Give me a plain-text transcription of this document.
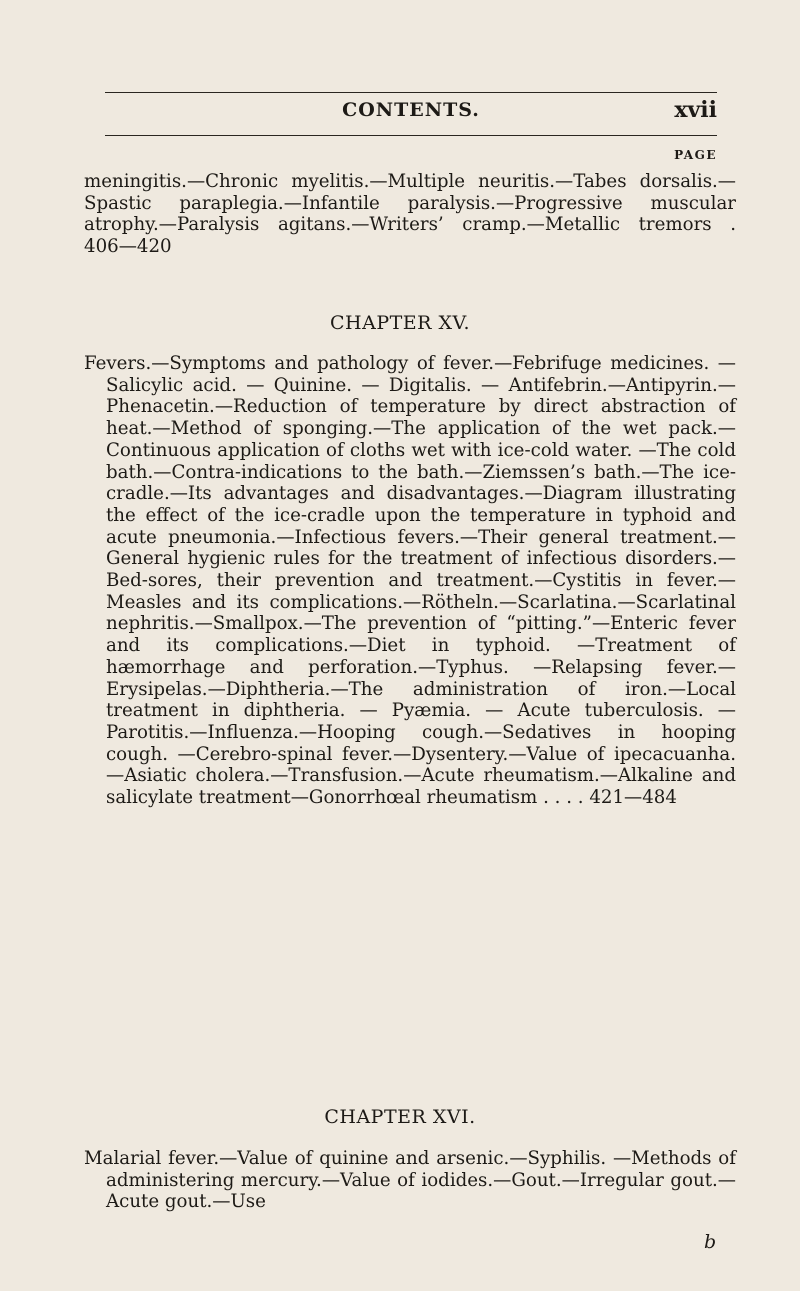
CONTENTS.	xvii
PAGE

meningitis.—Chronic myelitis.—Multiple neuritis.—Tabes dorsalis.—Spastic paraplegia.—Infantile paralysis.—Progressive muscular atrophy.—Paralysis agitans.—Writers’ cramp.—Metallic tremors . 406—420

CHAPTER XV.

Fevers.—Symptoms and pathology of fever.—Febrifuge medicines. — Salicylic acid. — Quinine. — Digitalis. — Antifebrin.—Antipyrin.—Phenacetin.—Reduction of temperature by direct abstraction of heat.—Method of sponging.—The application of the wet pack.—Continuous application of cloths wet with ice-cold water. —The cold bath.—Contra-indications to the bath.—Ziemssen’s bath.—The ice-cradle.—Its advantages and disadvantages.—Diagram illustrating the effect of the ice-cradle upon the temperature in typhoid and acute pneumonia.—Infectious fevers.—Their general treatment.—General hygienic rules for the treatment of infectious disorders.—Bed-sores, their prevention and treatment.—Cystitis in fever.—Measles and its complications.—Rötheln.—Scarlatina.—Scarlatinal nephritis.—Smallpox.—The prevention of “pitting.”—Enteric fever and its complications.—Diet in typhoid. —Treatment of hæmorrhage and perforation.—Typhus. —Relapsing fever.—Erysipelas.—Diphtheria.—The administration of iron.—Local treatment in diphtheria. — Pyæmia. — Acute tuberculosis. — Parotitis.—Influenza.—Hooping cough.—Sedatives in hooping cough. —Cerebro-spinal fever.—Dysentery.—Value of ipecacuanha.—Asiatic cholera.—Transfusion.—Acute rheumatism.—Alkaline and salicylate treatment—Gonorrhœal rheumatism . . . . 421—484

CHAPTER XVI.

Malarial fever.—Value of quinine and arsenic.—Syphilis. —Methods of administering mercury.—Value of iodides.—Gout.—Irregular gout.—Acute gout.—Use

b
